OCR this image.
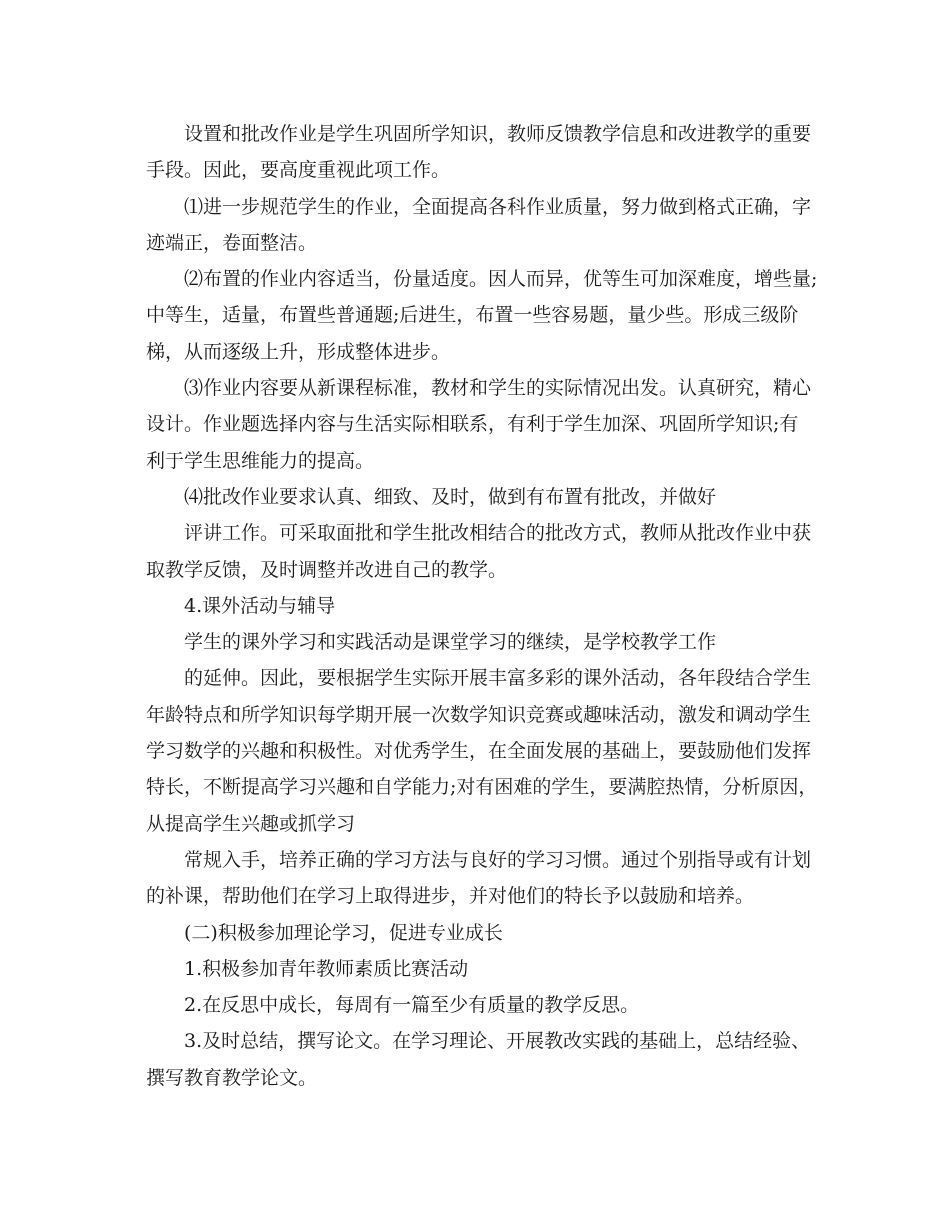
设置和批改作业是学生巩固所学知识，教师反馈教学信息和改进教学的重要
手段。因此，要高度重视此项工作。
⑴进一步规范学生的作业，全面提高各科作业质量，努力做到格式正确，字
迹端正，卷面整洁。
⑵布置的作业内容适当，份量适度。因人而异，优等生可加深难度，增些量;
中等生，适量，布置些普通题;后进生，布置一些容易题，量少些。形成三级阶
梯，从而逐级上升，形成整体进步。
⑶作业内容要从新课程标准，教材和学生的实际情况出发。认真研究，精心
设计。作业题选择内容与生活实际相联系，有利于学生加深、巩固所学知识;有
利于学生思维能力的提高。
⑷批改作业要求认真、细致、及时，做到有布置有批改，并做好
评讲工作。可采取面批和学生批改相结合的批改方式，教师从批改作业中获
取教学反馈，及时调整并改进自己的教学。
4.课外活动与辅导
学生的课外学习和实践活动是课堂学习的继续，是学校教学工作
的延伸。因此，要根据学生实际开展丰富多彩的课外活动，各年段结合学生
年龄特点和所学知识每学期开展一次数学知识竞赛或趣味活动，激发和调动学生
学习数学的兴趣和积极性。对优秀学生，在全面发展的基础上，要鼓励他们发挥
特长，不断提高学习兴趣和自学能力;对有困难的学生，要满腔热情，分析原因，
从提高学生兴趣或抓学习
常规入手，培养正确的学习方法与良好的学习习惯。通过个别指导或有计划
的补课，帮助他们在学习上取得进步，并对他们的特长予以鼓励和培养。
(二)积极参加理论学习，促进专业成长
1.积极参加青年教师素质比赛活动
2.在反思中成长，每周有一篇至少有质量的教学反思。
3.及时总结，撰写论文。在学习理论、开展教改实践的基础上，总结经验、
撰写教育教学论文。
